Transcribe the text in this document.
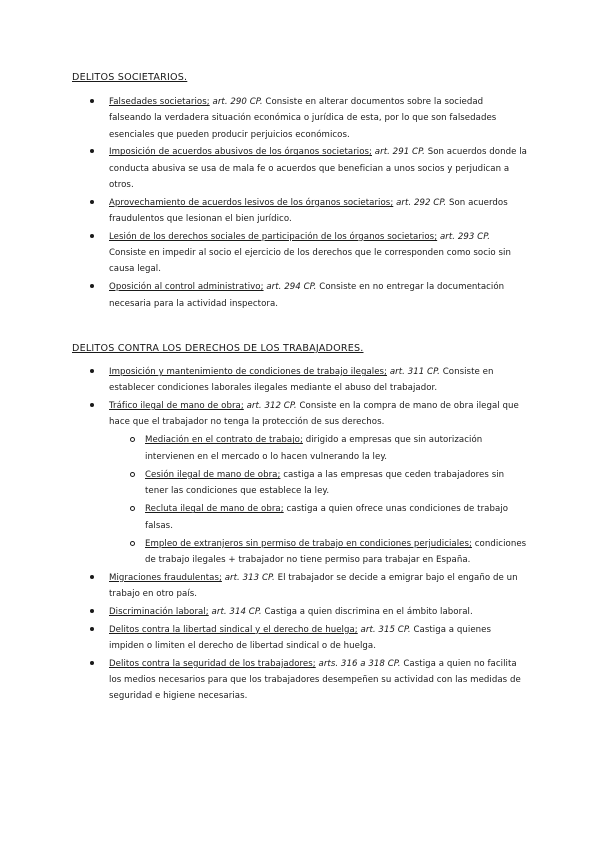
DELITOS SOCIETARIOS.
Falsedades societarios; art. 290 CP. Consiste en alterar documentos sobre la sociedad falseando la verdadera situación económica o jurídica de esta, por lo que son falsedades esenciales que pueden producir perjuicios económicos.
Imposición de acuerdos abusivos de los órganos societarios; art. 291 CP. Son acuerdos donde la conducta abusiva se usa de mala fe o acuerdos que benefician a unos socios y perjudican a otros.
Aprovechamiento de acuerdos lesivos de los órganos societarios; art. 292 CP. Son acuerdos fraudulentos que lesionan el bien jurídico.
Lesión de los derechos sociales de participación de los órganos societarios; art. 293 CP. Consiste en impedir al socio el ejercicio de los derechos que le corresponden como socio sin causa legal.
Oposición al control administrativo; art. 294 CP. Consiste en no entregar la documentación necesaria para la actividad inspectora.
DELITOS CONTRA LOS DERECHOS DE LOS TRABAJADORES.
Imposición y mantenimiento de condiciones de trabajo ilegales; art. 311 CP. Consiste en establecer condiciones laborales ilegales mediante el abuso del trabajador.
Tráfico ilegal de mano de obra; art. 312 CP. Consiste en la compra de mano de obra ilegal que hace que el trabajador no tenga la protección de sus derechos.
Mediación en el contrato de trabajo; dirigido a empresas que sin autorización intervienen en el mercado o lo hacen vulnerando la ley.
Cesión ilegal de mano de obra; castiga a las empresas que ceden trabajadores sin tener las condiciones que establece la ley.
Recluta ilegal de mano de obra; castiga a quien ofrece unas condiciones de trabajo falsas.
Empleo de extranjeros sin permiso de trabajo en condiciones perjudiciales; condiciones de trabajo ilegales + trabajador no tiene permiso para trabajar en España.
Migraciones fraudulentas; art. 313 CP. El trabajador se decide a emigrar bajo el engaño de un trabajo en otro país.
Discriminación laboral; art. 314 CP. Castiga a quien discrimina en el ámbito laboral.
Delitos contra la libertad sindical y el derecho de huelga; art. 315 CP. Castiga a quienes impiden o limiten el derecho de libertad sindical o de huelga.
Delitos contra la seguridad de los trabajadores; arts. 316 a 318 CP. Castiga a quien no facilita los medios necesarios para que los trabajadores desempeñen su actividad con las medidas de seguridad e higiene necesarias.
